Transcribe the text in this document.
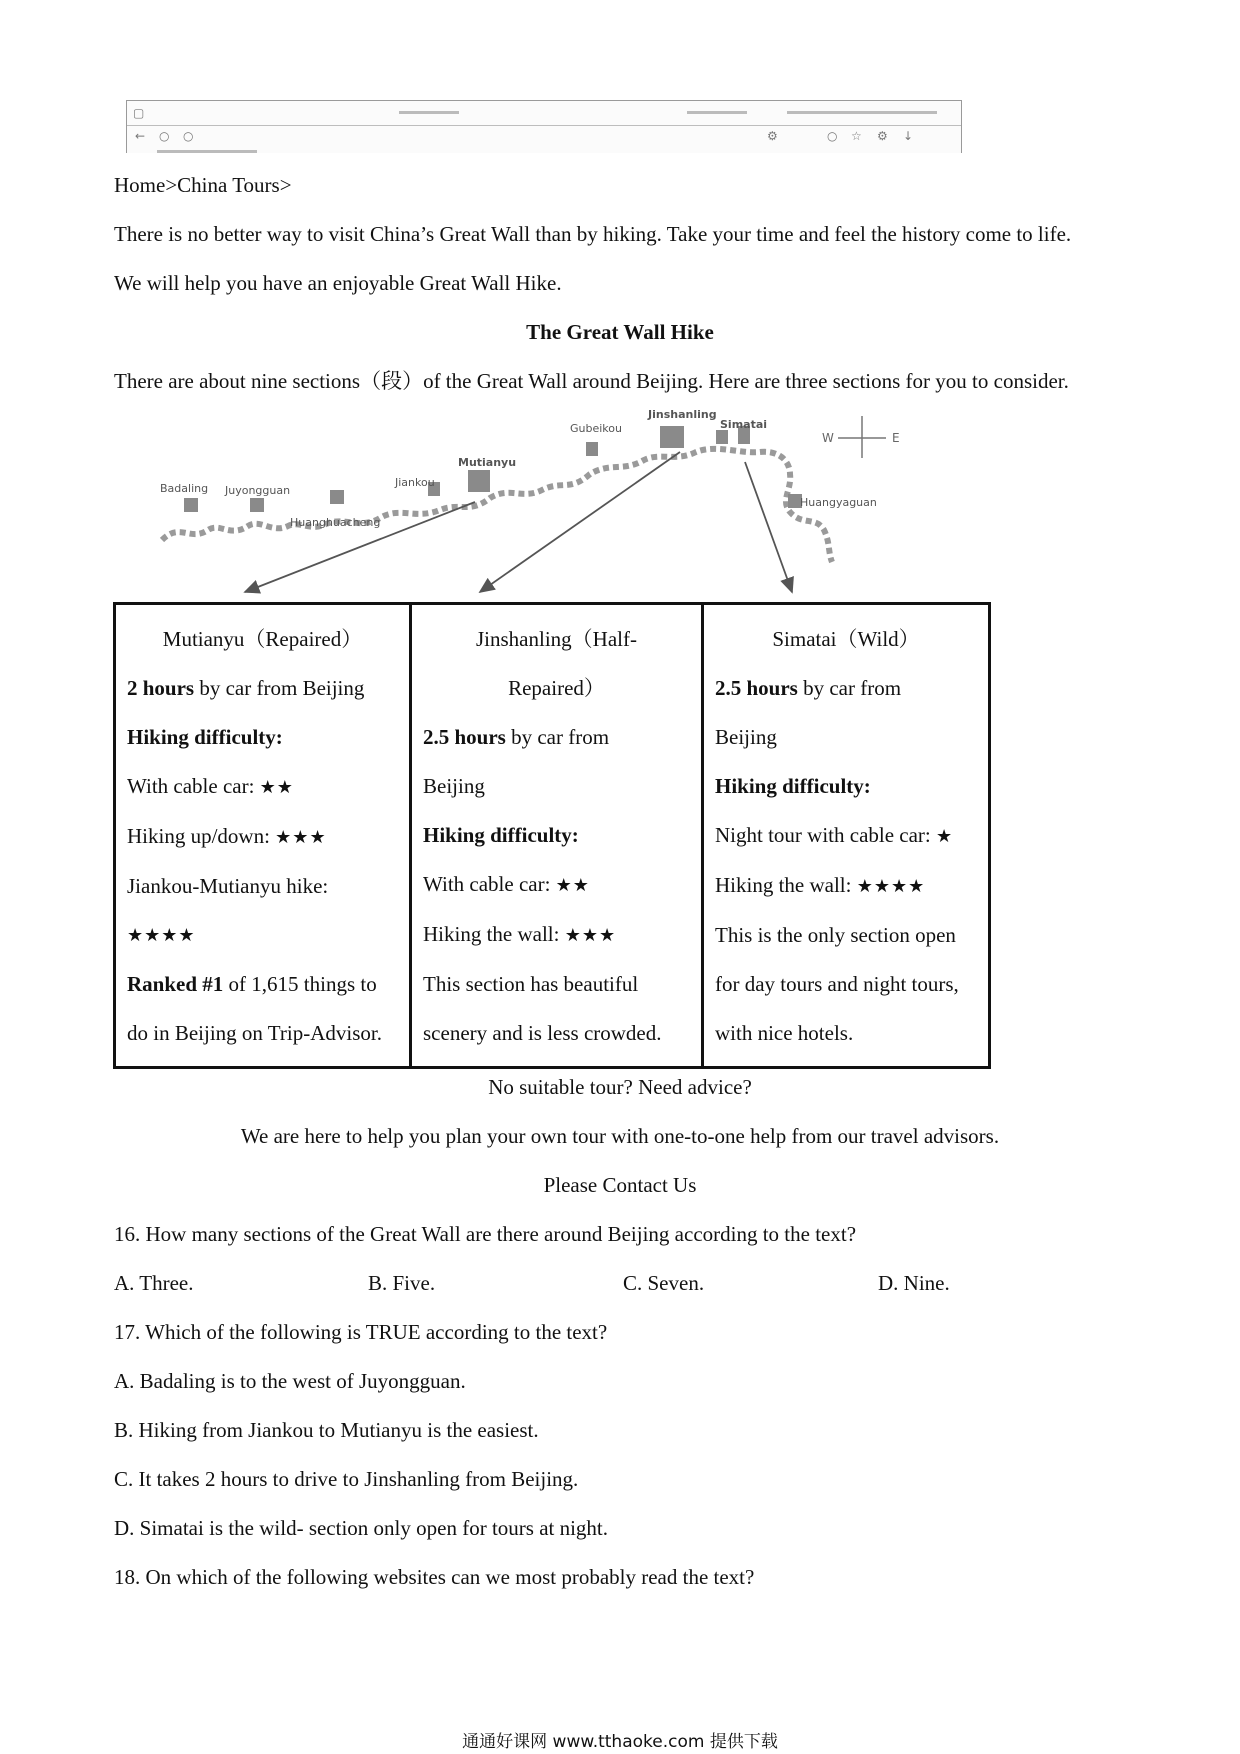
▢
← ○ ○	⚙	○ ☆ ⚙ ↓
Home>China Tours>
There is no better way to visit China’s Great Wall than by hiking. Take your time and feel the history come to life.
We will help you have an enjoyable Great Wall Hike.
The Great Wall Hike
There are about nine sections（段）of the Great Wall around Beijing. Here are three sections for you to consider.
Badaling Juyongguan
Huanghuacheng
Jiankou
Mutianyu
Gubeikou
Jinshanling
Simatai
Huangyaguan
W	E
Mutianyu（Repaired）
2 hours by car from Beijing
Hiking difficulty:
With cable car: ★★
Hiking up/down: ★★★
Jiankou-Mutianyu hike:
★★★★
Ranked #1 of 1,615 things to
do in Beijing on Trip-Advisor.

Jinshanling（Half-
Repaired）
2.5 hours by car from
Beijing
Hiking difficulty:
With cable car: ★★
Hiking the wall: ★★★
This section has beautiful
scenery and is less crowded.

Simatai（Wild）
2.5 hours by car from
Beijing
Hiking difficulty:
Night tour with cable car: ★
Hiking the wall: ★★★★
This is the only section open
for day tours and night tours,
with nice hotels.
No suitable tour? Need advice?
We are here to help you plan your own tour with one-to-one help from our travel advisors.
Please Contact Us
16. How many sections of the Great Wall are there around Beijing according to the text?
A. Three.	B. Five.	C. Seven.	D. Nine.
17. Which of the following is TRUE according to the text?
A. Badaling is to the west of Juyongguan.
B. Hiking from Jiankou to Mutianyu is the easiest.
C. It takes 2 hours to drive to Jinshanling from Beijing.
D. Simatai is the wild- section only open for tours at night.
18. On which of the following websites can we most probably read the text?
通通好课网 www.tthaoke.com 提供下载
